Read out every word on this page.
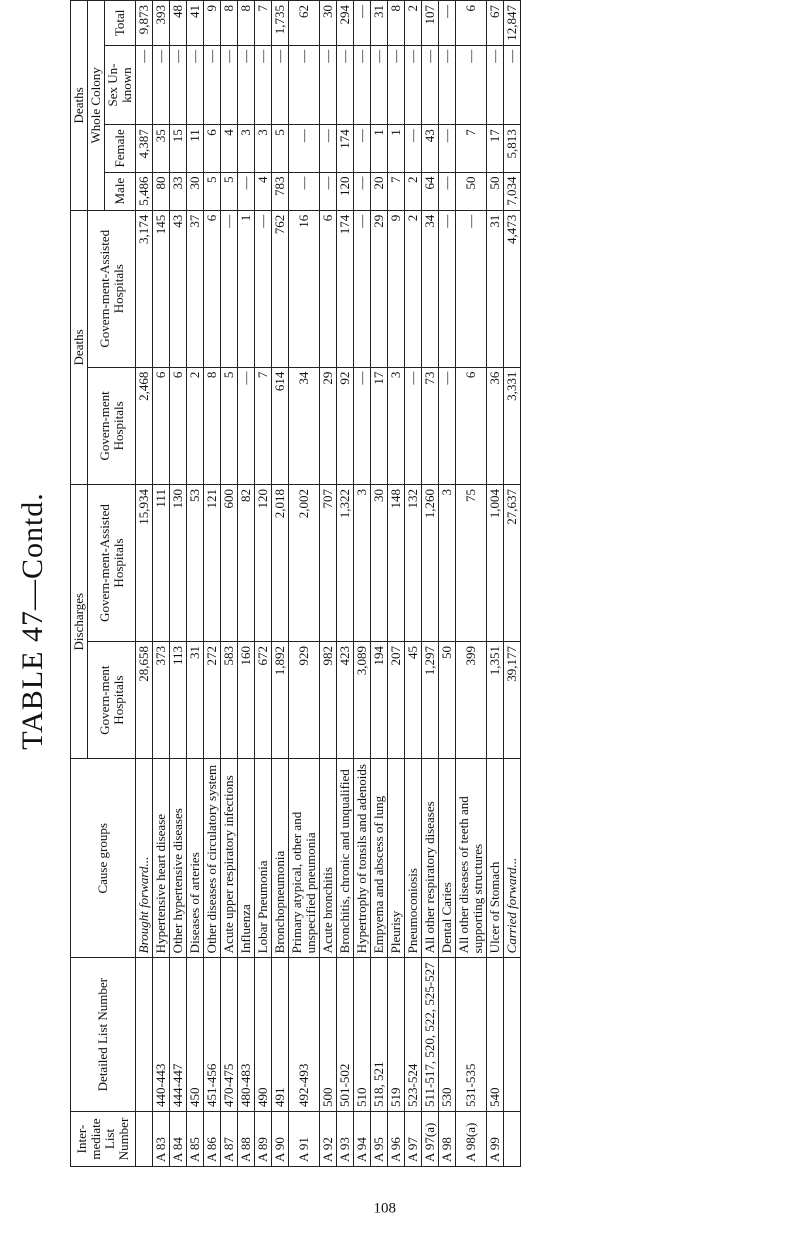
TABLE 47—Contd.
108
Inter-mediate List Number	Detailed List Number	Cause groups	Discharges		Deaths		Deaths			
			Govern-ment Hospitals	Govern-ment-Assisted Hospitals	Govern-ment Hospitals	Govern-ment-Assisted Hospitals	Whole Colony			
							Male	Female	Sex Un-known	Total
		Brought forward...	28,658	15,934	2,468	3,174	5,486	4,387	—	9,873
A 83	440-443	Hypertensive heart disease	373	111	6	145	80	35	—	393
A 84	444-447	Other hypertensive diseases	113	130	6	43	33	15	—	48
A 85	450	Diseases of arteries	31	53	2	37	30	11	—	41
A 86	451-456	Other diseases of circulatory system	272	121	8	6	5	6	—	9
A 87	470-475	Acute upper respiratory infections	583	600	5	—	5	4	—	8
A 88	480-483	Influenza	160	82	—	1	—	3	—	8
A 89	490	Lobar Pneumonia	672	120	7	—	4	3	—	7
A 90	491	Bronchopneumonia	1,892	2,018	614	762	783	5	—	1,735
A 91	492-493	Primary atypical, other and unspecified pneumonia	929	2,002	34	16	—	—	—	62
A 92	500	Acute bronchitis	982	707	29	6	—	—	—	30
A 93	501-502	Bronchitis, chronic and unqualified	423	1,322	92	174	120	174	—	294
A 94	510	Hypertrophy of tonsils and adenoids	3,089	3	—	—	—	—	—	—
A 95	518, 521	Empyema and abscess of lung	194	30	17	29	20	1	—	31
A 96	519	Pleurisy	207	148	3	9	7	1	—	8
A 97	523-524	Pneumoconiosis	45	132	—	2	2	—	—	2
A 97(a)	511-517, 520, 522, 525-527	All other respiratory diseases	1,297	1,260	73	34	64	43	—	107
A 98	530	Dental Caries	50	3	—	—	—	—	—	—
A 98(a)	531-535	All other diseases of teeth and supporting structures	399	75	6	—	50	7	—	6
A 99	540	Ulcer of Stomach	1,351	1,004	36	31	50	17	—	67
		Carried forward...	39,177	27,637	3,331	4,473	7,034	5,813	—	12,847
